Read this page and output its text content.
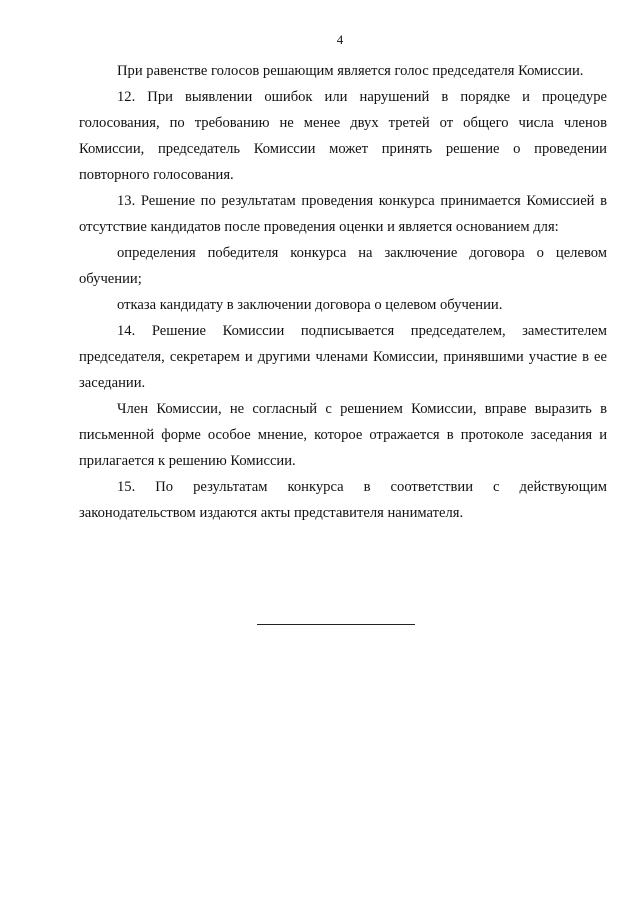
4

При равенстве голосов решающим является голос председателя Комиссии.

12. При выявлении ошибок или нарушений в порядке и процедуре голосования, по требованию не менее двух третей от общего числа членов Комиссии, председатель Комиссии может принять решение о проведении повторного голосования.

13. Решение по результатам проведения конкурса принимается Комиссией в отсутствие кандидатов после проведения оценки и является основанием для:

определения победителя конкурса на заключение договора о целевом обучении;

отказа кандидату в заключении договора о целевом обучении.

14. Решение Комиссии подписывается председателем, заместителем председателя, секретарем и другими членами Комиссии, принявшими участие в ее заседании.

Член Комиссии, не согласный с решением Комиссии, вправе выразить в письменной форме особое мнение, которое отражается в протоколе заседания и прилагается к решению Комиссии.

15. По результатам конкурса в соответствии с действующим законодательством издаются акты представителя нанимателя.
